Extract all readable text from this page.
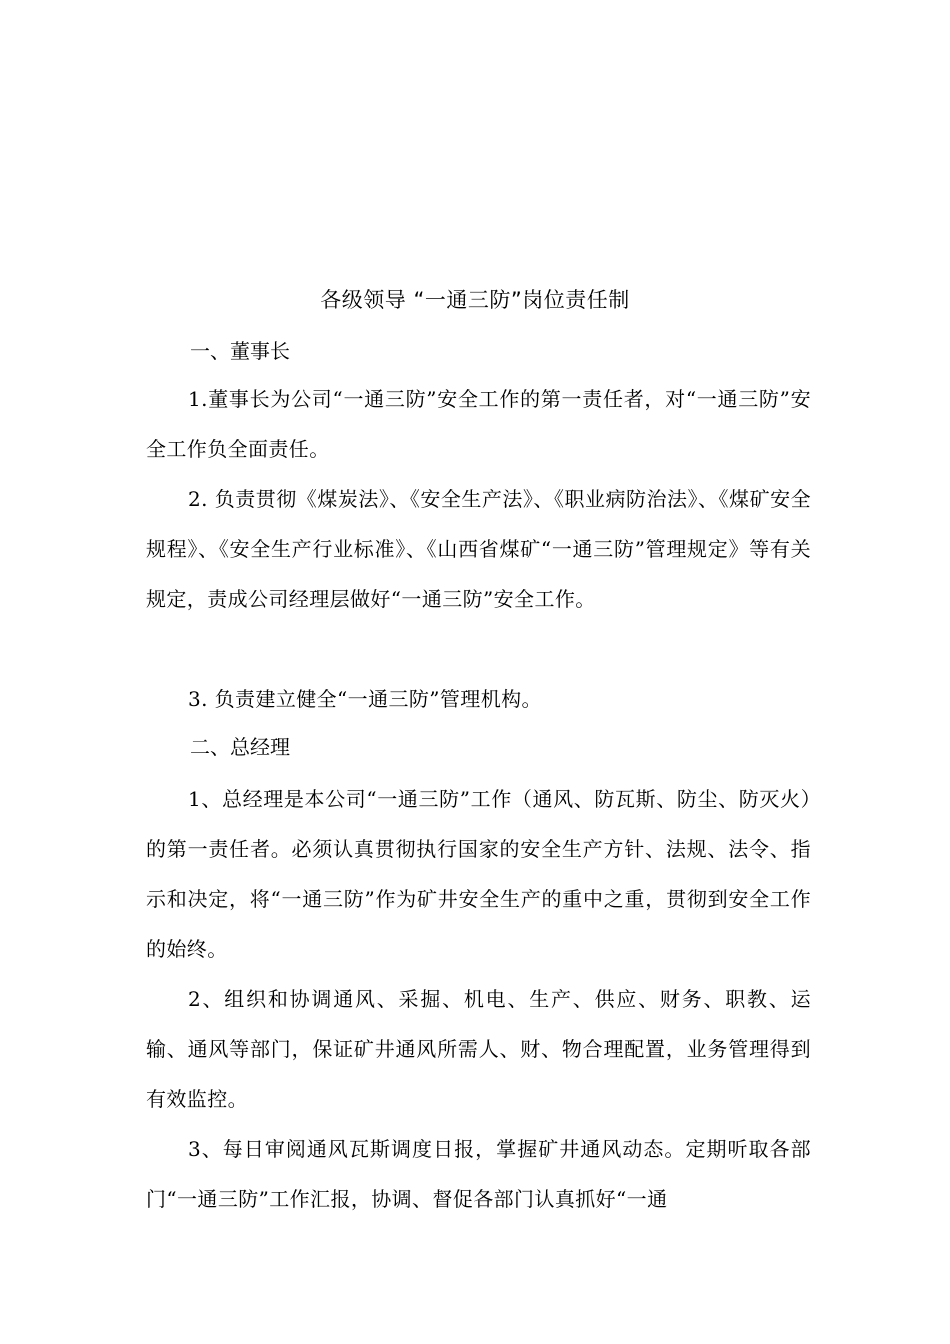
各级领导 “一通三防”岗位责任制
一、董事长

1.董事长为公司“一通三防”安全工作的第一责任者，对“一通三防”安全工作负全面责任。

2. 负责贯彻《煤炭法》、《安全生产法》、《职业病防治法》、《煤矿安全规程》、《安全生产行业标准》、《山西省煤矿“一通三防”管理规定》等有关规定，责成公司经理层做好“一通三防”安全工作。

3. 负责建立健全“一通三防”管理机构。

二、总经理

1、总经理是本公司“一通三防”工作（通风、防瓦斯、防尘、防灭火）的第一责任者。必须认真贯彻执行国家的安全生产方针、法规、法令、指示和决定，将“一通三防”作为矿井安全生产的重中之重，贯彻到安全工作的始终。

2、组织和协调通风、采掘、机电、生产、供应、财务、职教、运输、通风等部门，保证矿井通风所需人、财、物合理配置，业务管理得到有效监控。

3、每日审阅通风瓦斯调度日报，掌握矿井通风动态。定期听取各部门“一通三防”工作汇报，协调、督促各部门认真抓好“一通
